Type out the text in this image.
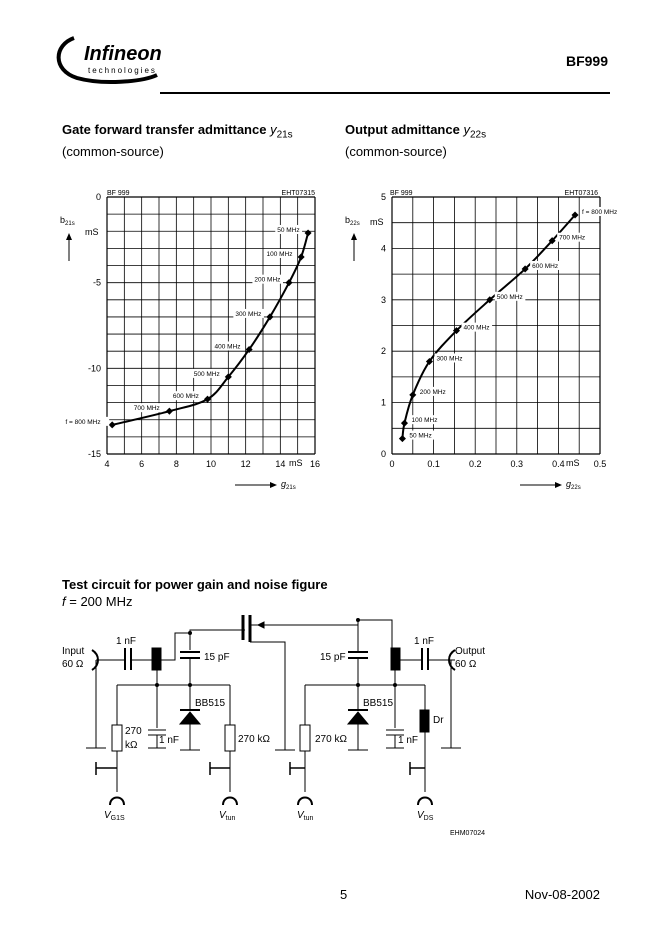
Infineon
technologies
BF999
Gate forward transfer admittance $y_{21s}$
(common-source)
Output admittance $y_{22s}$
(common-source)
f = 800 MHz
700 MHz
600 MHz
500 MHz
400 MHz
300 MHz
200 MHz
100 MHz
50 MHz
4	6	8	10	12	14	16
0
-5
-10
-15
BF 999	EHT07315
$b_{21s}$
mS
$g_{21s}$
mS
50 MHz
100 MHz
200 MHz
300 MHz
400 MHz
500 MHz
600 MHz
700 MHz
f = 800 MHz
0	0.1	0.2	0.3	0.4	0.5
0
1
2
3
4
5 BF 999	EHT07316
$b_{22s}$ mS
$g_{22s}$
mS
Test circuit for power gain and noise figure
f = 200 MHz
Input
60 Ω
1 nF
15 pF	15 pF
1 nF
Output
60 Ω
BB515	BB515
270
kΩ 1 nF	270 kΩ	270 kΩ	1 nF
Dr
$V_{G1S}$	$V_{tun}$	$V_{tun}$	$V_{DS}$
EHM07024
5	Nov-08-2002
